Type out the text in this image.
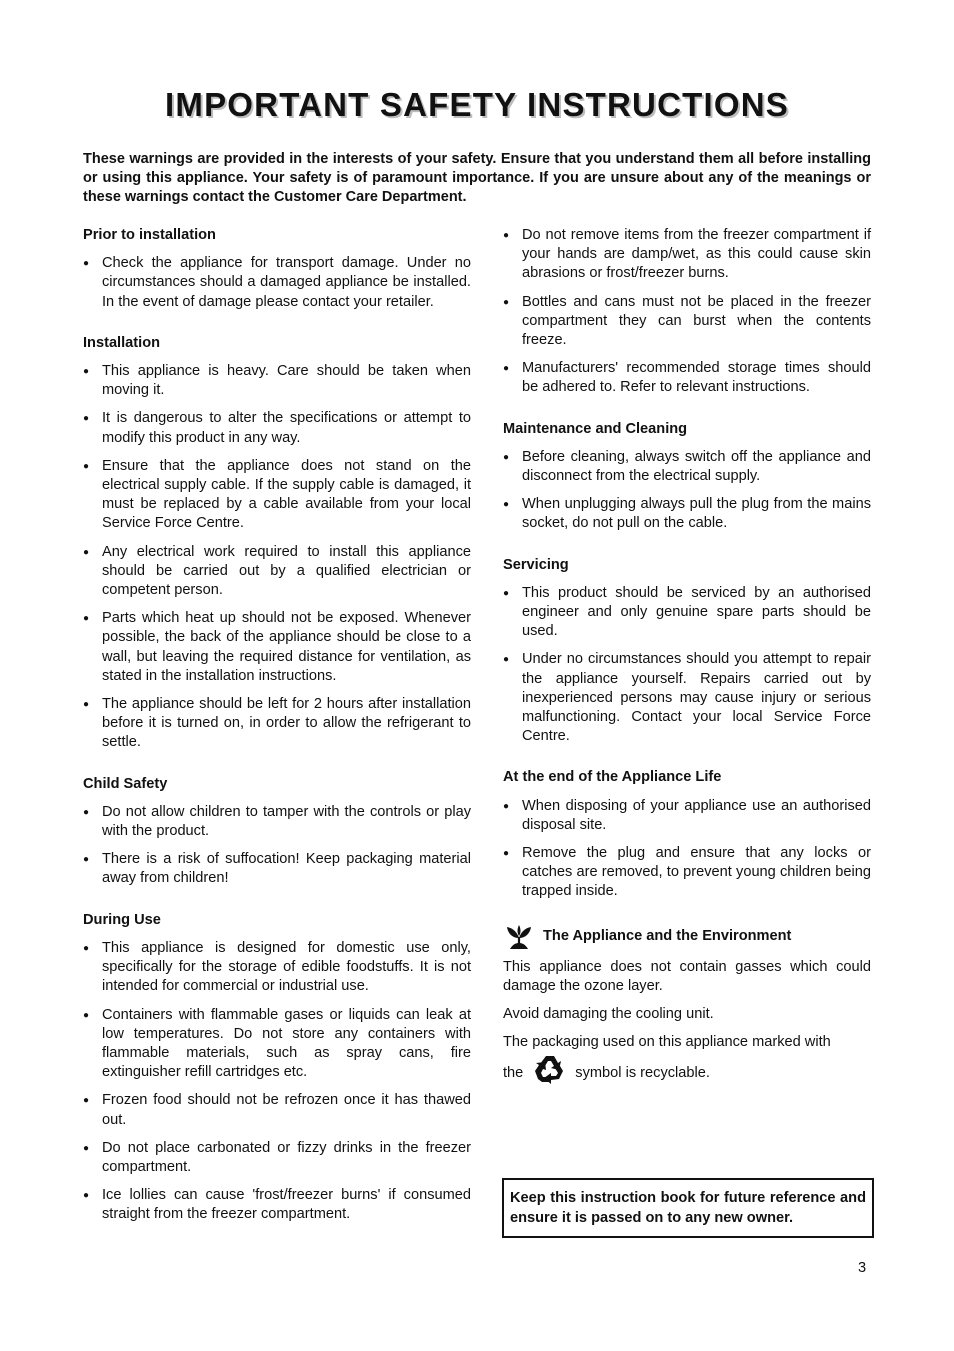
IMPORTANT SAFETY INSTRUCTIONS

These warnings are provided in the interests of your safety. Ensure that you understand them all before installing or using this appliance. Your safety is of paramount importance. If you are unsure about any of the meanings or these warnings contact the Customer Care Department.

Prior to installation
● Check the appliance for transport damage. Under no circumstances should a damaged appliance be installed. In the event of damage please contact your retailer.
Installation
● This appliance is heavy. Care should be taken when moving it.
● It is dangerous to alter the specifications or attempt to modify this product in any way.
● Ensure that the appliance does not stand on the electrical supply cable. If the supply cable is damaged, it must be replaced by a cable available from your local Service Force Centre.
● Any electrical work required to install this appliance should be carried out by a qualified electrician or competent person.
● Parts which heat up should not be exposed. Whenever possible, the back of the appliance should be close to a wall, but leaving the required distance for ventilation, as stated in the installation instructions.
● The appliance should be left for 2 hours after installation before it is turned on, in order to allow the refrigerant to settle.
Child Safety
● Do not allow children to tamper with the controls or play with the product.
● There is a risk of suffocation! Keep packaging material away from children!
During Use
● This appliance is designed for domestic use only, specifically for the storage of edible foodstuffs. It is not intended for commercial or industrial use.
● Containers with flammable gases or liquids can leak at low temperatures. Do not store any containers with flammable materials, such as spray cans, fire extinguisher refill cartridges etc.
● Frozen food should not be refrozen once it has thawed out.
● Do not place carbonated or fizzy drinks in the freezer compartment.
● Ice lollies can cause 'frost/freezer burns' if consumed straight from the freezer compartment.
● Do not remove items from the freezer compartment if your hands are damp/wet, as this could cause skin abrasions or frost/freezer burns.
● Bottles and cans must not be placed in the freezer compartment they can burst when the contents freeze.
● Manufacturers' recommended storage times should be adhered to. Refer to relevant instructions.
Maintenance and Cleaning
● Before cleaning, always switch off the appliance and disconnect from the electrical supply.
● When unplugging always pull the plug from the mains socket, do not pull on the cable.
Servicing
● This product should be serviced by an authorised engineer and only genuine spare parts should be used.
● Under no circumstances should you attempt to repair the appliance yourself. Repairs carried out by inexperienced persons may cause injury or serious malfunctioning. Contact your local Service Force Centre.
At the end of the Appliance Life
● When disposing of your appliance use an authorised disposal site.
● Remove the plug and ensure that any locks or catches are removed, to prevent young children being trapped inside.
The Appliance and the Environment

This appliance does not contain gasses which could damage the ozone layer.

Avoid damaging the cooling unit.

The packaging used on this appliance marked with
the	symbol is recyclable.

Keep this instruction book for future reference and ensure it is passed on to any new owner.
3
